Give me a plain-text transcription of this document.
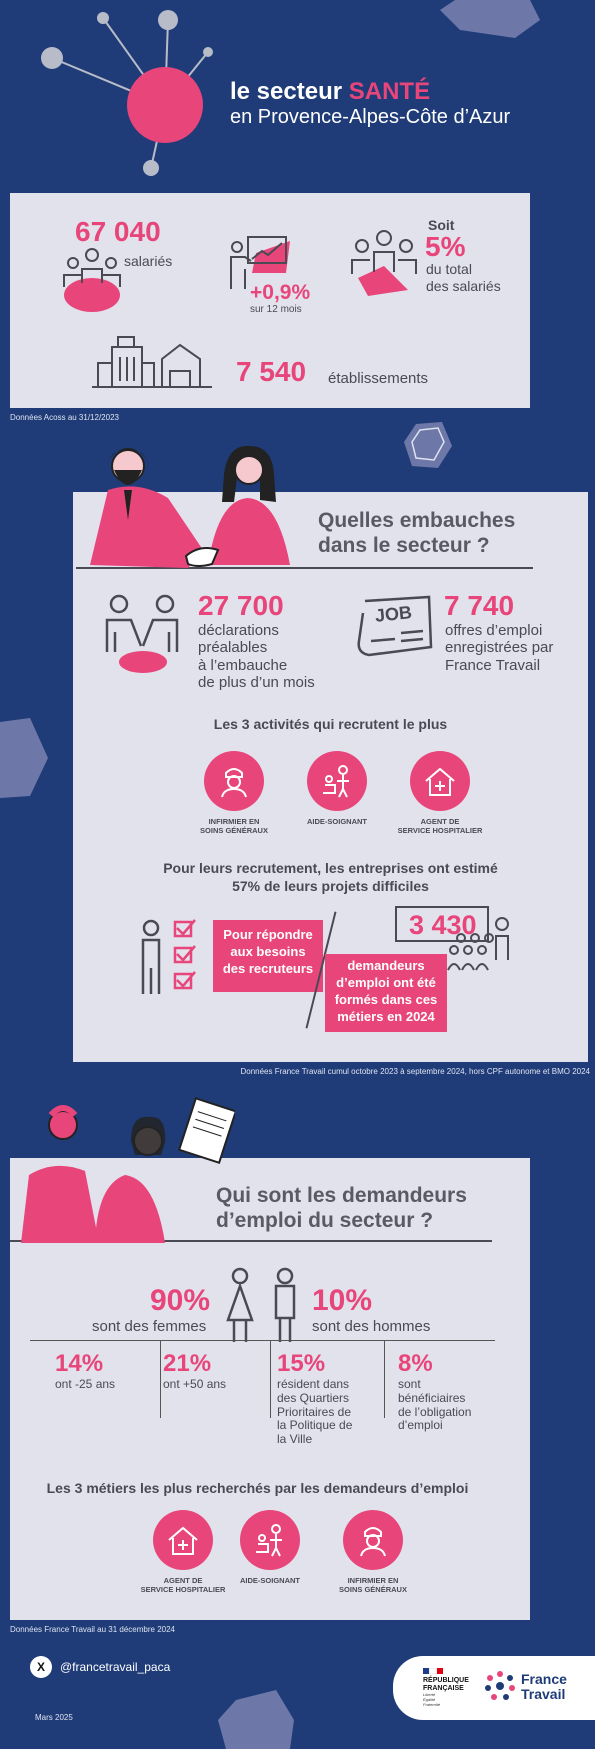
le secteur SANTÉ
en Provence-Alpes-Côte d’Azur
67 040
salariés
+0,9%
sur 12 mois
Soit
5%
du total
des salariés
7 540 établissements
Données Acoss au 31/12/2023
Quelles embauches
dans le secteur ?
27 700
déclarations
préalables
à l’embauche
de plus d’un mois
JOB 7 740
offres d’emploi
enregistrées par
France Travail
Les 3 activités qui recrutent le plus
INFIRMIER EN
SOINS GÉNÉRAUX
AIDE-SOIGNANT	AGENT DE
SERVICE HOSPITALIER
Pour leurs recrutement, les entreprises ont estimé
57% de leurs projets difficiles
Pour répondre
aux besoins
des recruteurs
3 430
demandeurs
d’emploi ont été
formés dans ces
métiers en 2024
Données France Travail cumul octobre 2023 à septembre 2024, hors CPF autonome et BMO 2024
Qui sont les demandeurs
d’emploi du secteur ?
90%
sont des femmes
10%
sont des hommes
14%
ont -25 ans
21%
ont +50 ans
15%
résident dans
des Quartiers
Prioritaires de
la Politique de
la Ville
8%
sont
bénéficiaires
de l’obligation
d’emploi
Les 3 métiers les plus recherchés par les demandeurs d’emploi
AGENT DE
SERVICE HOSPITALIER
AIDE-SOIGNANT	INFIRMIER EN
SOINS GÉNÉRAUX
Données France Travail au 31 décembre 2024
X	@francetravail_paca
Mars 2025
RÉPUBLIQUE
FRANÇAISE
Liberté
Égalité
Fraternité
France
Travail
